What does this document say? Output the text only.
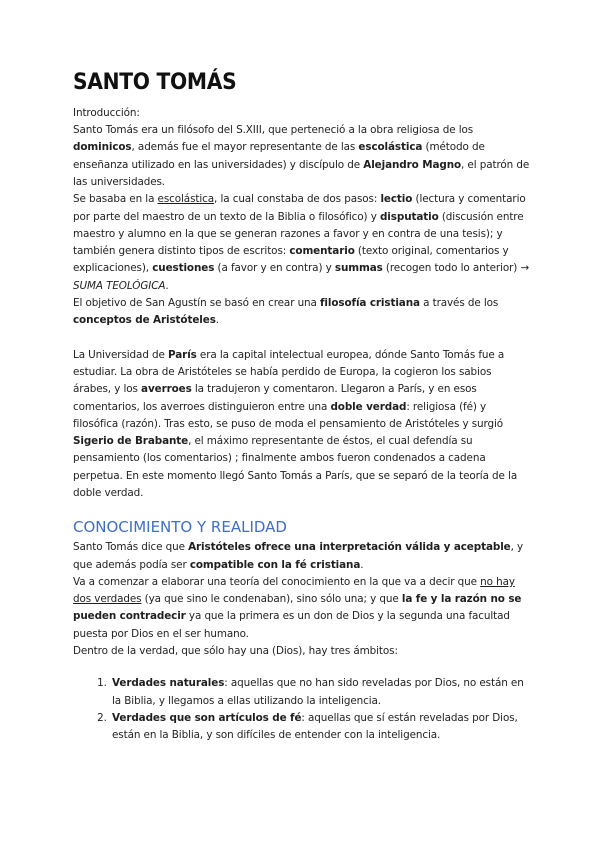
SANTO TOMÁS

Introducción:

Santo Tomás era un filósofo del S.XIII, que perteneció a la obra religiosa de los dominicos, además fue el mayor representante de las escolástica (método de enseñanza utilizado en las universidades) y discípulo de Alejandro Magno, el patrón de las universidades.

Se basaba en la escolástica, la cual constaba de dos pasos: lectio (lectura y comentario por parte del maestro de un texto de la Biblia o filosófico) y disputatio (discusión entre maestro y alumno en la que se generan razones a favor y en contra de una tesis); y también genera distinto tipos de escritos: comentario (texto original, comentarios y explicaciones), cuestiones (a favor y en contra) y summas (recogen todo lo anterior) → SUMA TEOLÓGICA.

El objetivo de San Agustín se basó en crear una filosofía cristiana a través de los conceptos de Aristóteles.

La Universidad de París era la capital intelectual europea, dónde Santo Tomás fue a estudiar. La obra de Aristóteles se había perdido de Europa, la cogieron los sabios árabes, y los averroes la tradujeron y comentaron. Llegaron a París, y en esos comentarios, los averroes distinguieron entre una doble verdad: religiosa (fé) y filosófica (razón). Tras esto, se puso de moda el pensamiento de Aristóteles y surgió Sigerio de Brabante, el máximo representante de éstos, el cual defendía su pensamiento (los comentarios) ; finalmente ambos fueron condenados a cadena perpetua. En este momento llegó Santo Tomás a París, que se separó de la teoría de la doble verdad.

CONOCIMIENTO Y REALIDAD

Santo Tomás dice que Aristóteles ofrece una interpretación válida y aceptable, y que además podía ser compatible con la fé cristiana.

Va a comenzar a elaborar una teoría del conocimiento en la que va a decir que no hay dos verdades (ya que sino le condenaban), sino sólo una; y que la fe y la razón no se pueden contradecir ya que la primera es un don de Dios y la segunda una facultad puesta por Dios en el ser humano.

Dentro de la verdad, que sólo hay una (Dios), hay tres ámbitos:

1. Verdades naturales: aquellas que no han sido reveladas por Dios, no están en la Biblia, y llegamos a ellas utilizando la inteligencia.
2. Verdades que son artículos de fé: aquellas que sí están reveladas por Dios, están en la Biblia, y son difíciles de entender con la inteligencia.
